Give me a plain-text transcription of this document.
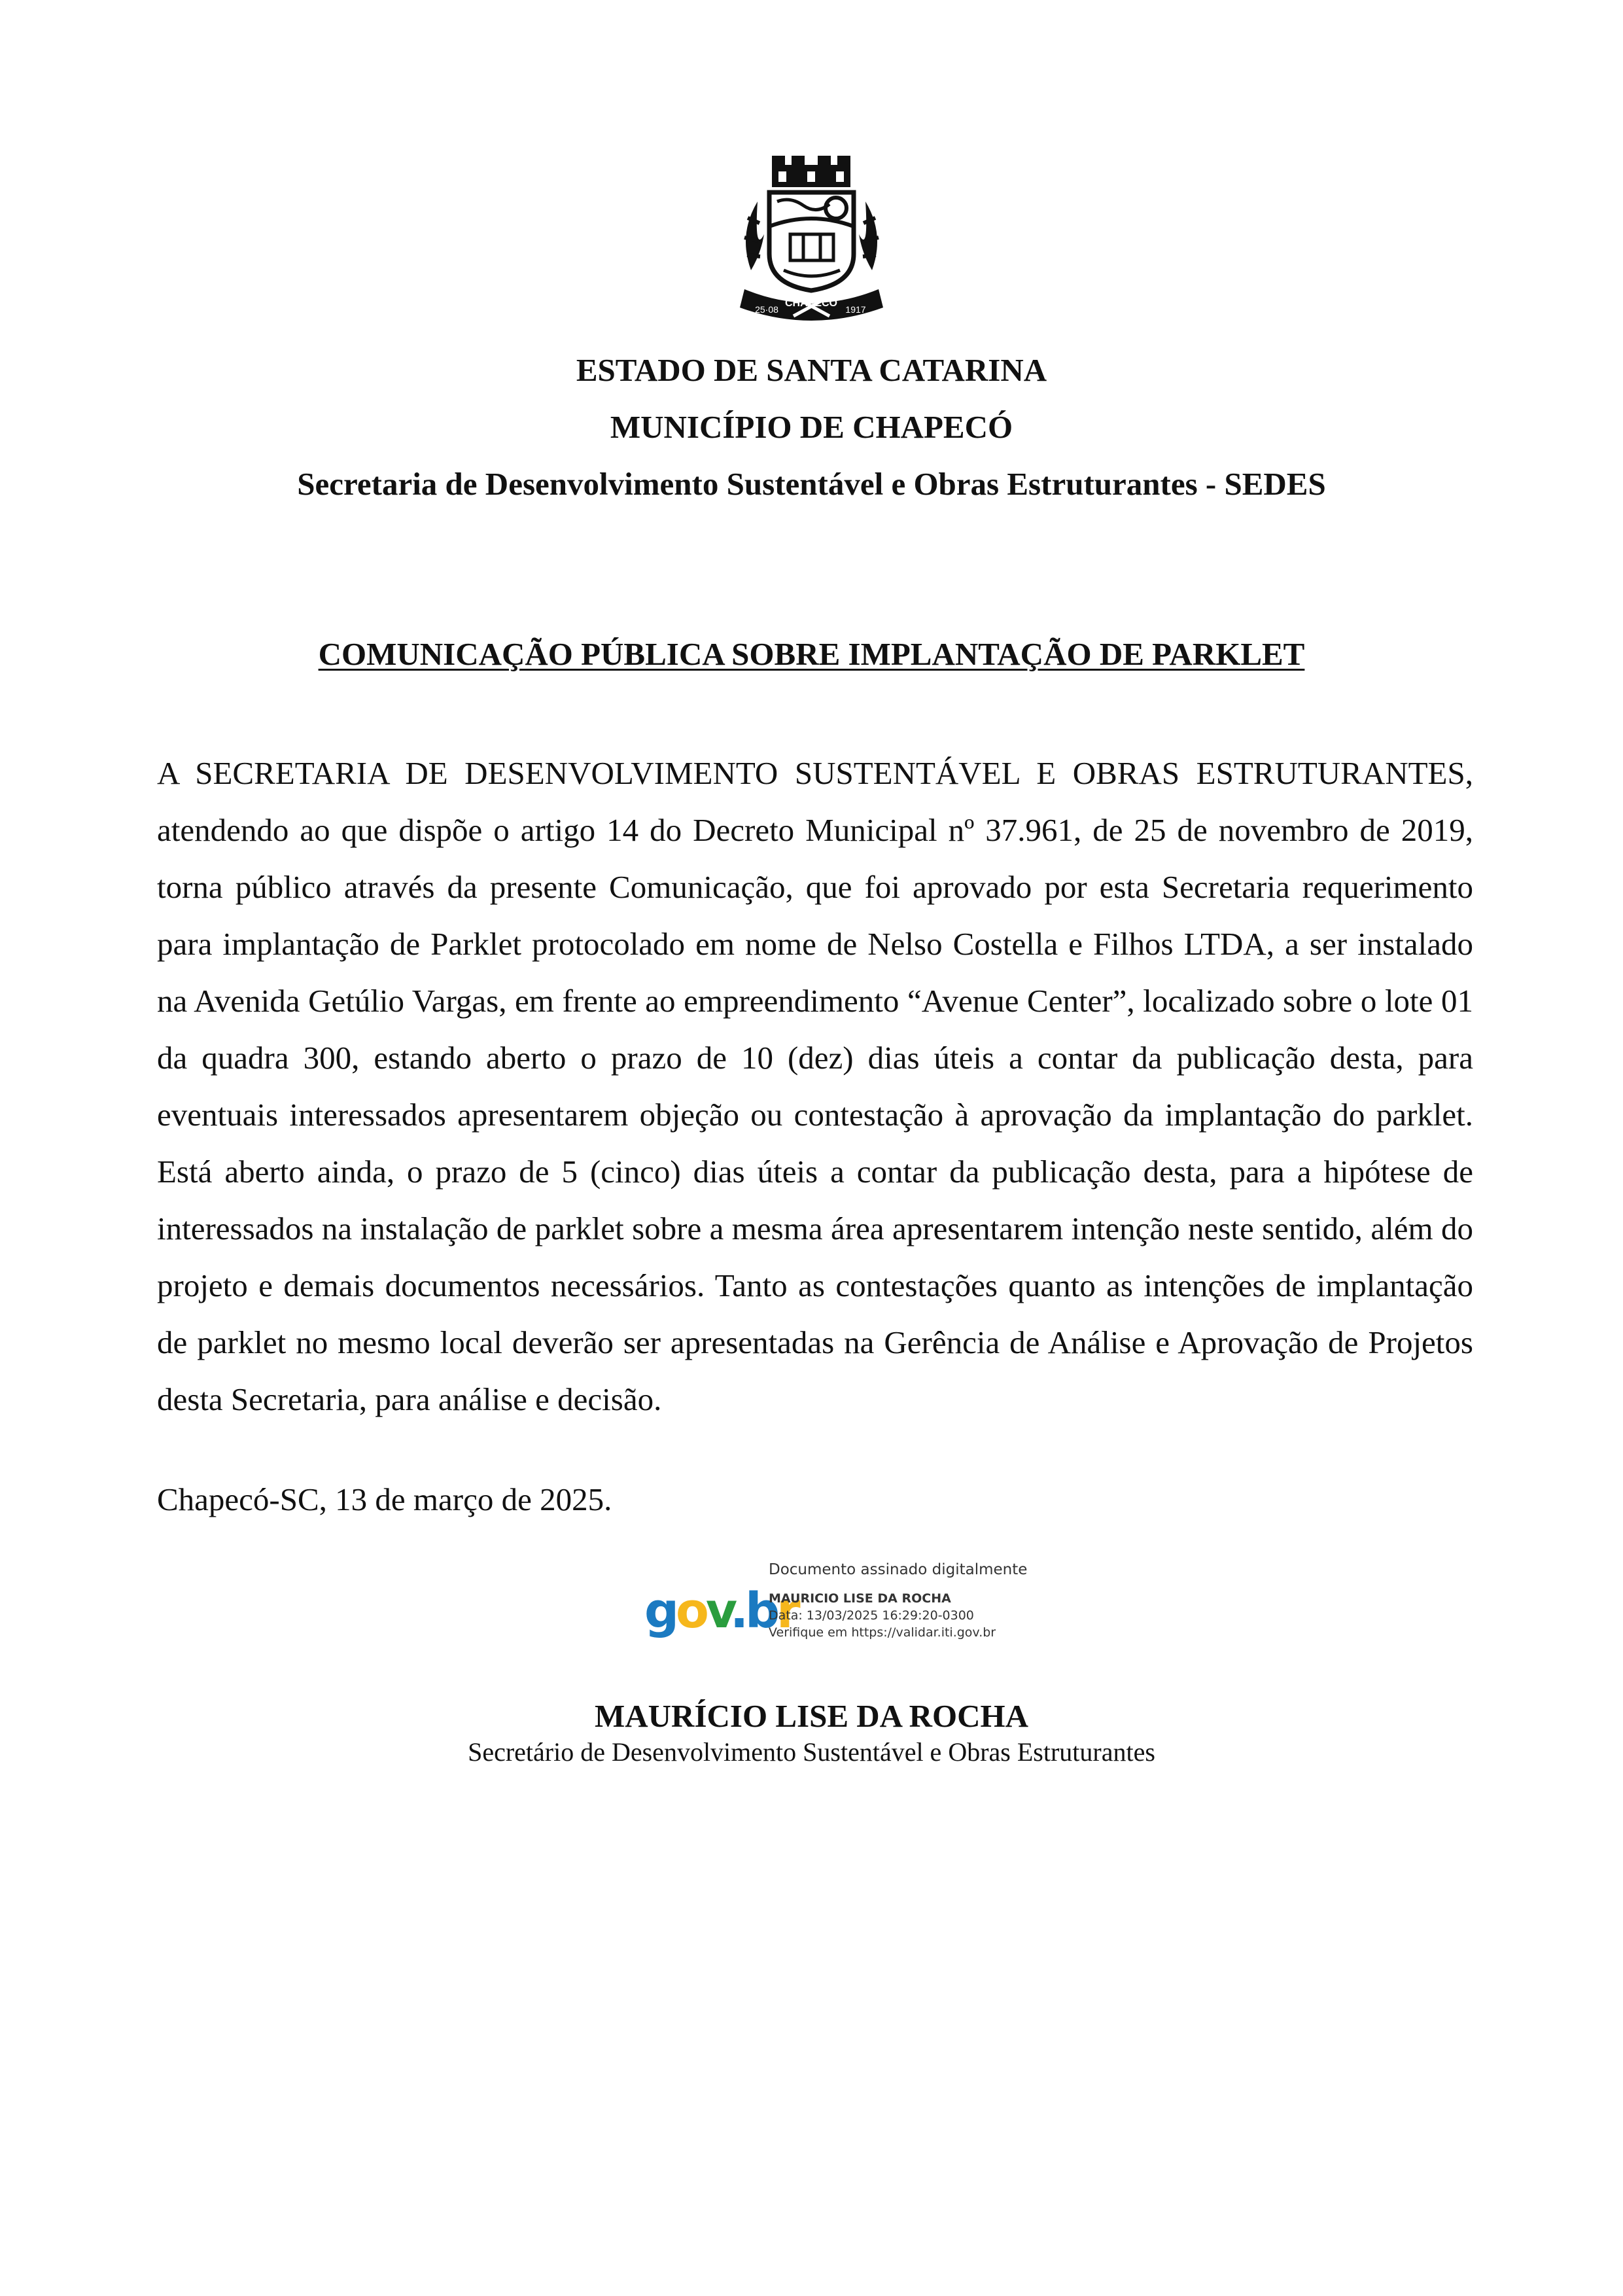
CHAPECÓ
25·08	1917
ESTADO DE SANTA CATARINA
MUNICÍPIO DE CHAPECÓ
Secretaria de Desenvolvimento Sustentável e Obras Estruturantes - SEDES
COMUNICAÇÃO PÚBLICA SOBRE IMPLANTAÇÃO DE PARKLET

A SECRETARIA DE DESENVOLVIMENTO SUSTENTÁVEL E OBRAS ESTRUTURANTES, atendendo ao que dispõe o artigo 14 do Decreto Municipal nº 37.961, de 25 de novembro de 2019, torna público através da presente Comunicação, que foi aprovado por esta Secretaria requerimento para implantação de Parklet protocolado em nome de Nelso Costella e Filhos LTDA, a ser instalado na Avenida Getúlio Vargas, em frente ao empreendimento “Avenue Center”, localizado sobre o lote 01 da quadra 300, estando aberto o prazo de 10 (dez) dias úteis a contar da publicação desta, para eventuais interessados apresentarem objeção ou contestação à aprovação da implantação do parklet. Está aberto ainda, o prazo de 5 (cinco) dias úteis a contar da publicação desta, para a hipótese de interessados na instalação de parklet sobre a mesma área apresentarem intenção neste sentido, além do projeto e demais documentos necessários. Tanto as contestações quanto as intenções de implantação de parklet no mesmo local deverão ser apresentadas na Gerência de Análise e Aprovação de Projetos desta Secretaria, para análise e decisão.

Chapecó-SC, 13 de março de 2025.
gov.br
Documento assinado digitalmente
MAURICIO LISE DA ROCHA
Data: 13/03/2025 16:29:20-0300
Verifique em https://validar.iti.gov.br
MAURÍCIO LISE DA ROCHA
Secretário de Desenvolvimento Sustentável e Obras Estruturantes
